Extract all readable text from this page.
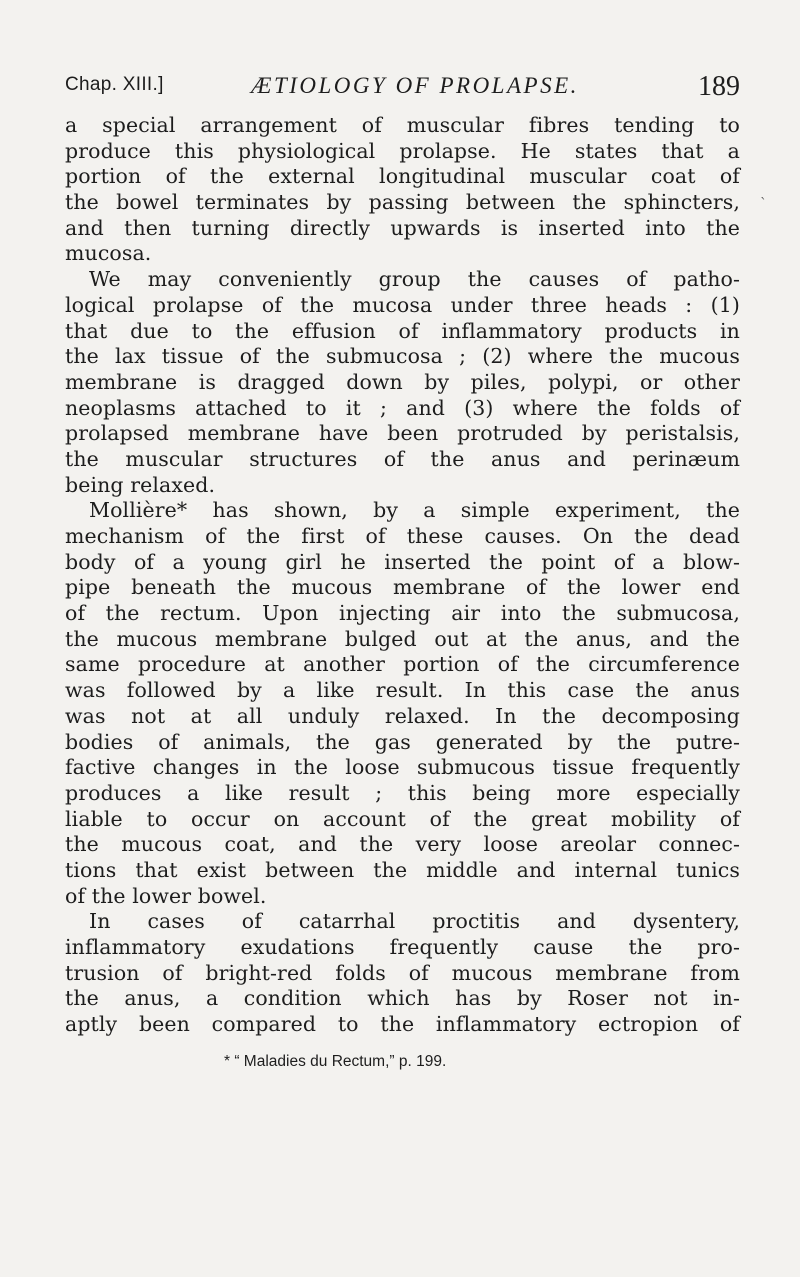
Chap. XIII.]	ÆTIOLOGY OF PROLAPSE.	189
ˋ
a special arrangement of muscular fibres tending to
produce this physiological prolapse. He states that a
portion of the external longitudinal muscular coat of
the bowel terminates by passing between the sphincters,
and then turning directly upwards is inserted into the
mucosa.
We may conveniently group the causes of patho-
logical prolapse of the mucosa under three heads : (1)
that due to the effusion of inflammatory products in
the lax tissue of the submucosa ; (2) where the mucous
membrane is dragged down by piles, polypi, or other
neoplasms attached to it ; and (3) where the folds of
prolapsed membrane have been protruded by peristalsis,
the muscular structures of the anus and perinæum
being relaxed.
Mollière* has shown, by a simple experiment, the
mechanism of the first of these causes. On the dead
body of a young girl he inserted the point of a blow-
pipe beneath the mucous membrane of the lower end
of the rectum. Upon injecting air into the submucosa,
the mucous membrane bulged out at the anus, and the
same procedure at another portion of the circumference
was followed by a like result. In this case the anus
was not at all unduly relaxed. In the decomposing
bodies of animals, the gas generated by the putre-
factive changes in the loose submucous tissue frequently
produces a like result ; this being more especially
liable to occur on account of the great mobility of
the mucous coat, and the very loose areolar connec-
tions that exist between the middle and internal tunics
of the lower bowel.
In cases of catarrhal proctitis and dysentery,
inflammatory exudations frequently cause the pro-
trusion of bright-red folds of mucous membrane from
the anus, a condition which has by Roser not in-
aptly been compared to the inflammatory ectropion of
* “ Maladies du Rectum,” p. 199.
